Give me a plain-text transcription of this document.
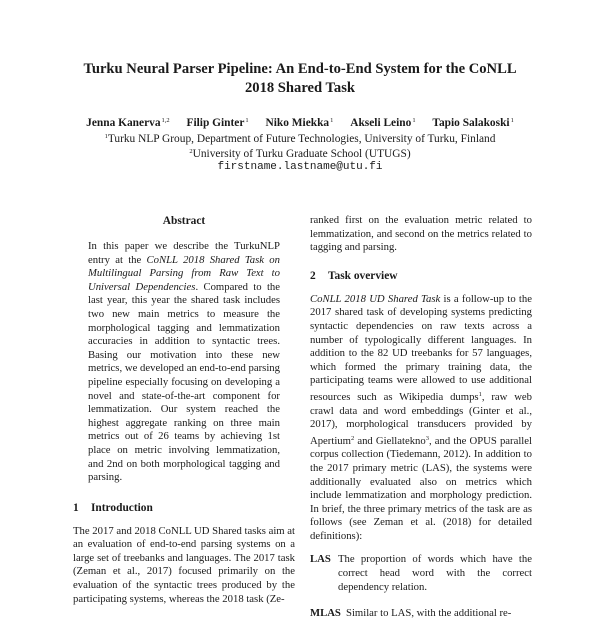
Turku Neural Parser Pipeline: An End-to-End System for the CoNLL
2018 Shared Task
Jenna Kanerva$^{1,2}$ Filip Ginter$^1$ Niko Miekka$^1$ Akseli Leino$^1$ Tapio Salakoski$^1$
$^1$Turku NLP Group, Department of Future Technologies, University of Turku, Finland
$^2$University of Turku Graduate School (UTUGS)
firstname.lastname@utu.fi
Abstract

In this paper we describe the TurkuNLP entry at the CoNLL 2018 Shared Task on Multilingual Parsing from Raw Text to Universal Dependencies. Compared to the last year, this year the shared task includes two new main metrics to measure the morphological tagging and lemmatization accuracies in addition to syntactic trees. Basing our motivation into these new metrics, we developed an end-to-end parsing pipeline especially focusing on developing a novel and state-of-the-art component for lemmatization. Our system reached the highest aggregate ranking on three main metrics out of 26 teams by achieving 1st place on metric involving lemmatization, and 2nd on both morphological tagging and parsing.

1 Introduction

The 2017 and 2018 CoNLL UD Shared tasks aim at an evaluation of end-to-end parsing systems on a large set of treebanks and languages. The 2017 task (Zeman et al., 2017) focused primarily on the evaluation of the syntactic trees produced by the participating systems, whereas the 2018 task (Ze-

ranked first on the evaluation metric related to lemmatization, and second on the metrics related to tagging and parsing.

2 Task overview

CoNLL 2018 UD Shared Task is a follow-up to the 2017 shared task of developing systems predicting syntactic dependencies on raw texts across a number of typologically different languages. In addition to the 82 UD treebanks for 57 languages, which formed the primary training data, the participating teams were allowed to use additional resources such as Wikipedia dumps$^1$, raw web crawl data and word embeddings (Ginter et al., 2017), morphological transducers provided by Apertium$^2$ and Giellatekno$^3$, and the OPUS parallel corpus collection (Tiedemann, 2012). In addition to the 2017 primary metric (LAS), the systems were additionally evaluated also on metrics which include lemmatization and morphology prediction. In brief, the three primary metrics of the task are as follows (see Zeman et al. (2018) for detailed definitions):

LAS The proportion of words which have the correct head word with the correct dependency relation.
MLAS Similar to LAS, with the additional re-
